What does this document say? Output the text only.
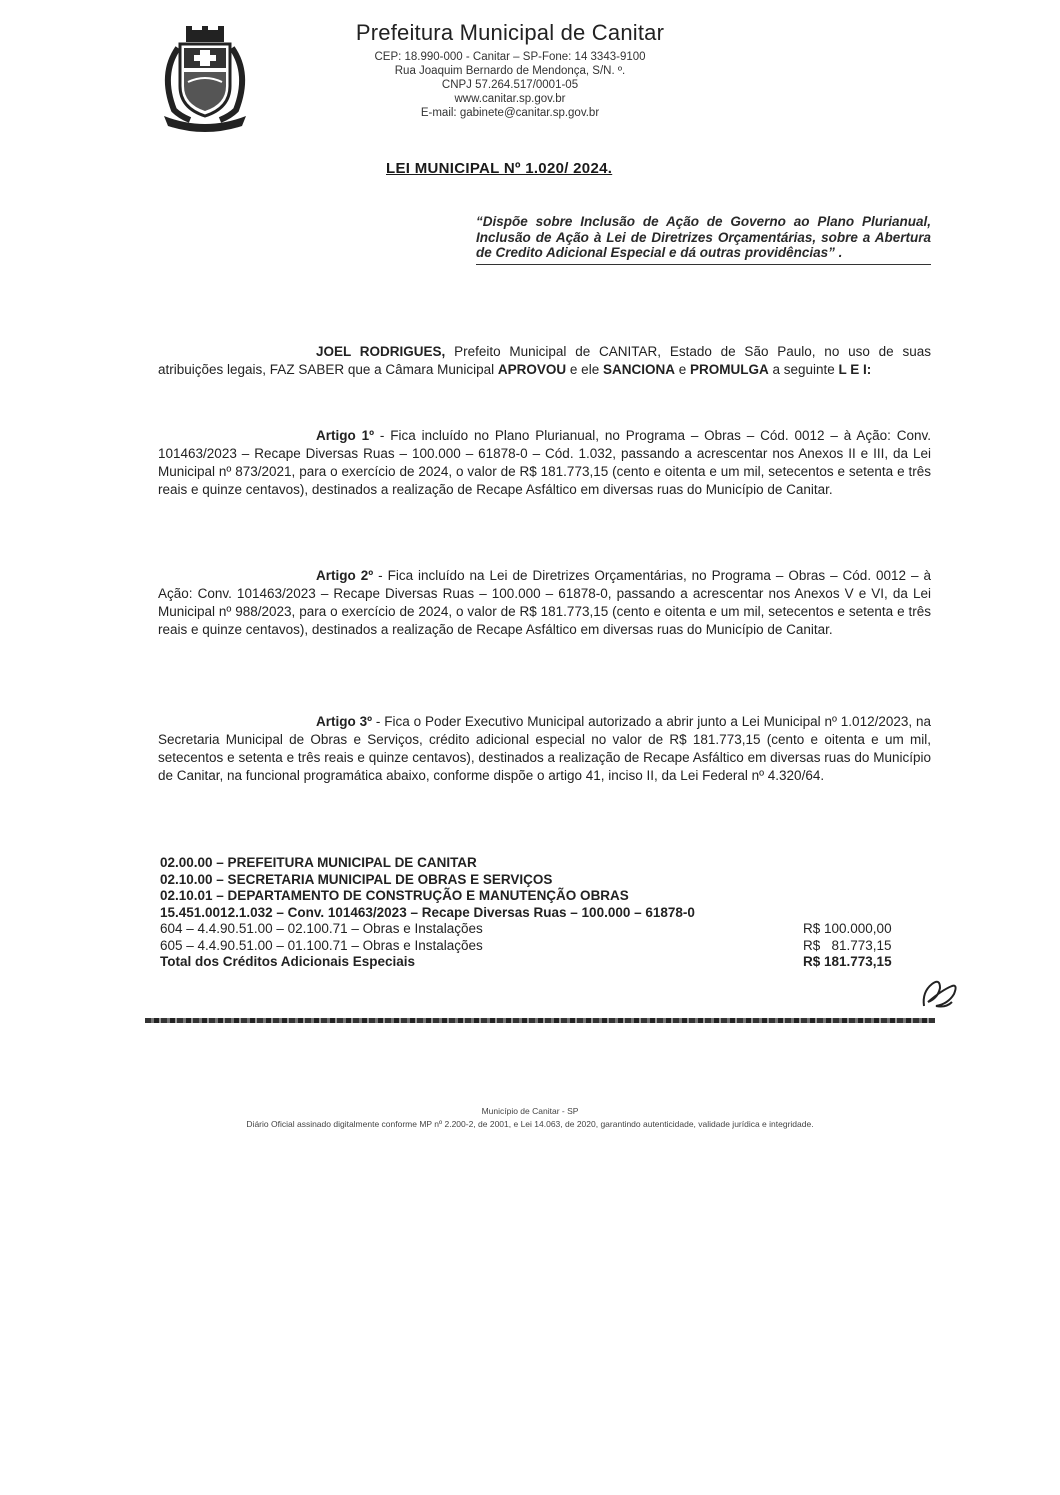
Prefeitura Municipal de Canitar
CEP: 18.990-000 - Canitar – SP-Fone: 14 3343-9100
Rua Joaquim Bernardo de Mendonça, S/N. º.
CNPJ 57.264.517/0001-05
www.canitar.sp.gov.br
E-mail: gabinete@canitar.sp.gov.br
LEI MUNICIPAL Nº 1.020/ 2024.
“Dispõe sobre Inclusão de Ação de Governo ao Plano Plurianual, Inclusão de Ação à Lei de Diretrizes Orçamentárias, sobre a Abertura de Credito Adicional Especial e dá outras providências” .
JOEL RODRIGUES, Prefeito Municipal de CANITAR, Estado de São Paulo, no uso de suas atribuições legais, FAZ SABER que a Câmara Municipal APROVOU e ele SANCIONA e PROMULGA a seguinte L E I:
Artigo 1º - Fica incluído no Plano Plurianual, no Programa – Obras – Cód. 0012 – à Ação: Conv. 101463/2023 – Recape Diversas Ruas – 100.000 – 61878-0 – Cód. 1.032, passando a acrescentar nos Anexos II e III, da Lei Municipal nº 873/2021, para o exercício de 2024, o valor de R$ 181.773,15 (cento e oitenta e um mil, setecentos e setenta e três reais e quinze centavos), destinados a realização de Recape Asfáltico em diversas ruas do Município de Canitar.
Artigo 2º - Fica incluído na Lei de Diretrizes Orçamentárias, no Programa – Obras – Cód. 0012 – à Ação: Conv. 101463/2023 – Recape Diversas Ruas – 100.000 – 61878-0, passando a acrescentar nos Anexos V e VI, da Lei Municipal nº 988/2023, para o exercício de 2024, o valor de R$ 181.773,15 (cento e oitenta e um mil, setecentos e setenta e três reais e quinze centavos), destinados a realização de Recape Asfáltico em diversas ruas do Município de Canitar.
Artigo 3º - Fica o Poder Executivo Municipal autorizado a abrir junto a Lei Municipal nº 1.012/2023, na Secretaria Municipal de Obras e Serviços, crédito adicional especial no valor de R$ 181.773,15 (cento e oitenta e um mil, setecentos e setenta e três reais e quinze centavos), destinados a realização de Recape Asfáltico em diversas ruas do Município de Canitar, na funcional programática abaixo, conforme dispõe o artigo 41, inciso II, da Lei Federal nº 4.320/64.
02.00.00 – PREFEITURA MUNICIPAL DE CANITAR
02.10.00 – SECRETARIA MUNICIPAL DE OBRAS E SERVIÇOS
02.10.01 – DEPARTAMENTO DE CONSTRUÇÃO E MANUTENÇÃO OBRAS
15.451.0012.1.032 – Conv. 101463/2023 – Recape Diversas Ruas – 100.000 – 61878-0
604 – 4.4.90.51.00 – 02.100.71 – Obras e Instalações	R$ 100.000,00
605 – 4.4.90.51.00 – 01.100.71 – Obras e Instalações	R$   81.773,15
Total dos Créditos Adicionais Especiais	R$ 181.773,15
Município de Canitar - SP
Diário Oficial assinado digitalmente conforme MP nº 2.200-2, de 2001, e Lei 14.063, de 2020, garantindo autenticidade, validade jurídica e integridade.
